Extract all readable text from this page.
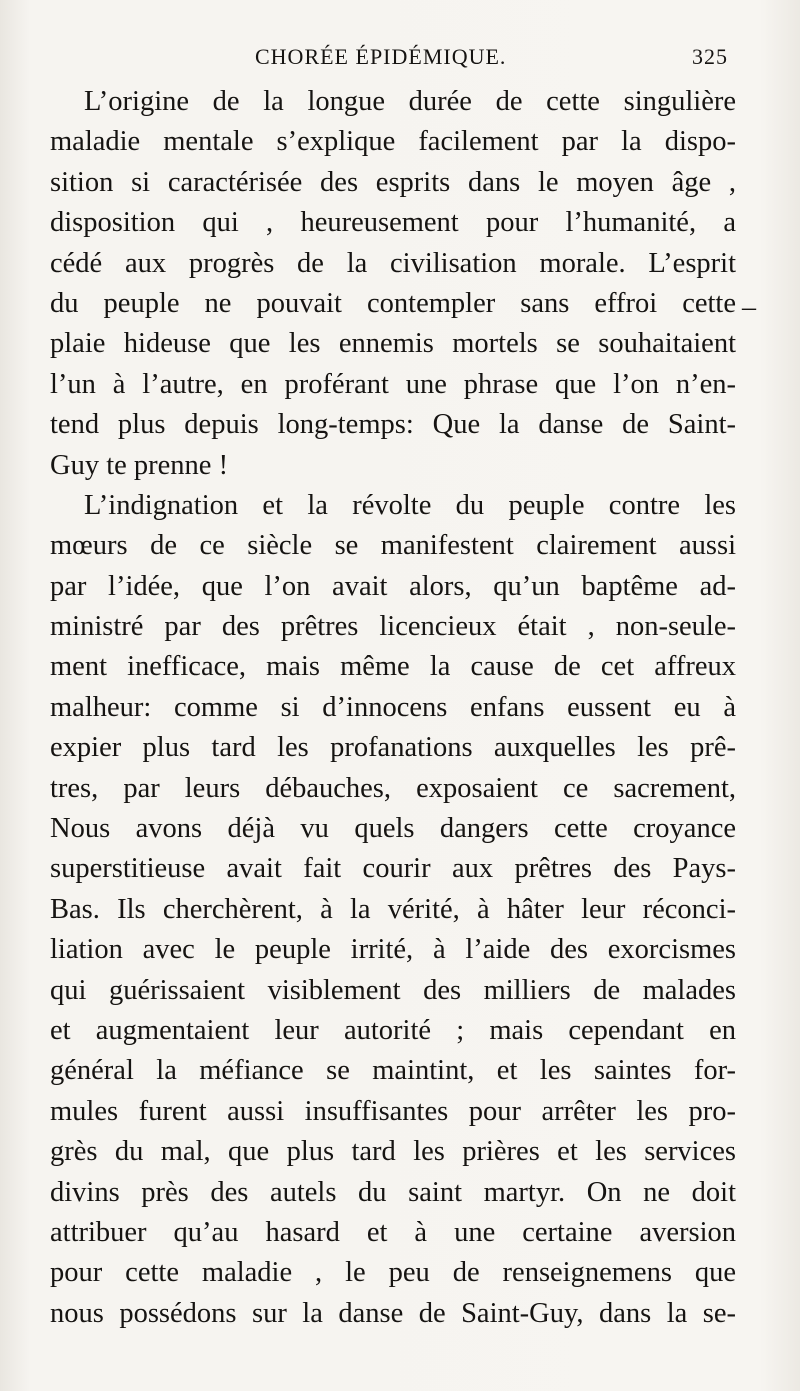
CHORÉE ÉPIDÉMIQUE.	325
L’origine de la longue durée de cette singulière
maladie mentale s’explique facilement par la dispo-
sition si caractérisée des esprits dans le moyen âge ,
disposition qui , heureusement pour l’humanité, a
cédé aux progrès de la civilisation morale. L’esprit
du peuple ne pouvait contempler sans effroi cette
plaie hideuse que les ennemis mortels se souhaitaient
l’un à l’autre, en proférant une phrase que l’on n’en-
tend plus depuis long-temps: Que la danse de Saint-
Guy te prenne !
L’indignation et la révolte du peuple contre les
mœurs de ce siècle se manifestent clairement aussi
par l’idée, que l’on avait alors, qu’un baptême ad-
ministré par des prêtres licencieux était , non-seule-
ment inefficace, mais même la cause de cet affreux
malheur: comme si d’innocens enfans eussent eu à
expier plus tard les profanations auxquelles les prê-
tres, par leurs débauches, exposaient ce sacrement,
Nous avons déjà vu quels dangers cette croyance
superstitieuse avait fait courir aux prêtres des Pays-
Bas. Ils cherchèrent, à la vérité, à hâter leur réconci-
liation avec le peuple irrité, à l’aide des exorcismes
qui guérissaient visiblement des milliers de malades
et augmentaient leur autorité ; mais cependant en
général la méfiance se maintint, et les saintes for-
mules furent aussi insuffisantes pour arrêter les pro-
grès du mal, que plus tard les prières et les services
divins près des autels du saint martyr. On ne doit
attribuer qu’au hasard et à une certaine aversion
pour cette maladie , le peu de renseignemens que
nous possédons sur la danse de Saint-Guy, dans la se-
–
